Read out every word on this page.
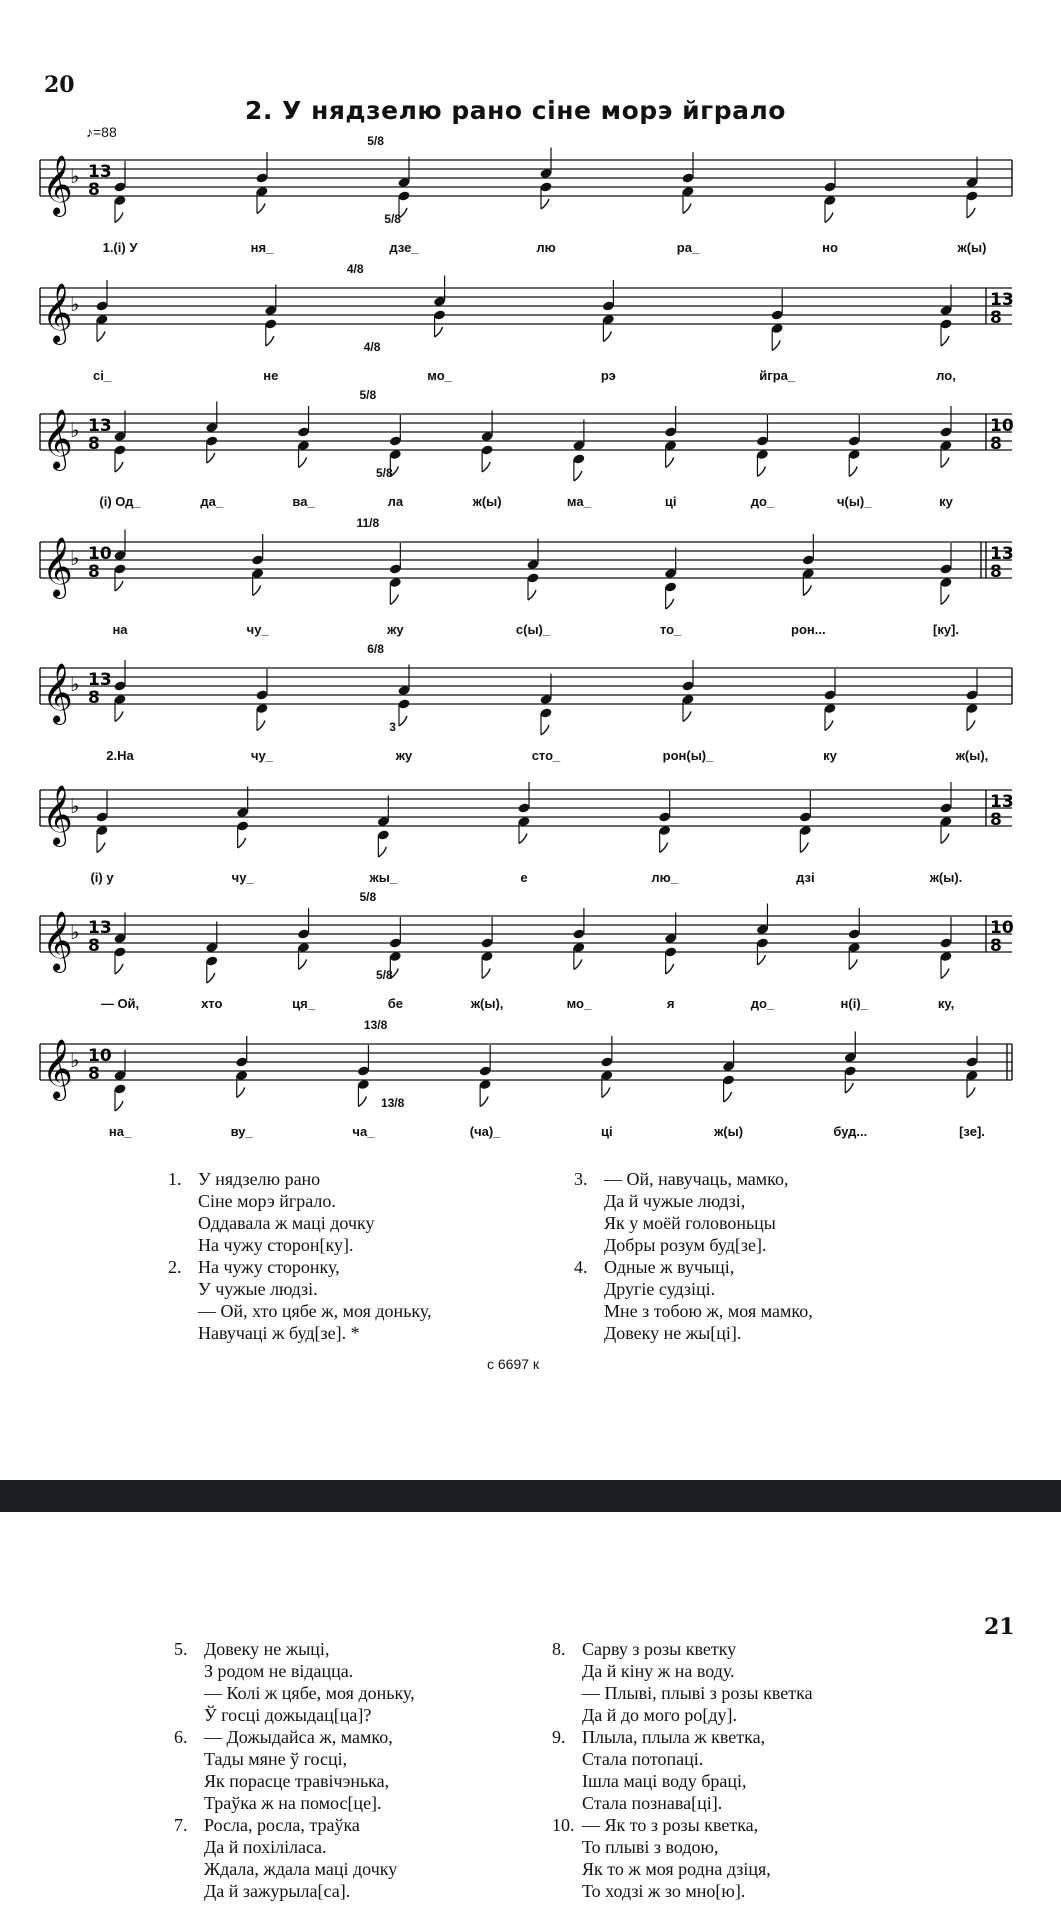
20
2. У нядзелю рано сіне морэ йграло
♪=88
5/8
5/8
𝄞
♭ 13
8
1.(і) У	ня_	дзе_	лю	ра_	но	ж(ы)
4/8
4/8
𝄞
♭	13
8
сі_	не	мо_	рэ	йгра_	ло,
5/8
5/8
𝄞
♭ 13
8
10
8
(і) Од_	да_	ва_	ла	ж(ы)	ма_	ці	до_	ч(ы)_	ку
11/8
𝄞
♭ 10
8
13
8
на	чу_	жу	с(ы)_	то_	рон...	[ку].
6/8
3
𝄞
♭ 13
8
2.На	чу_	жу	сто_	рон(ы)_	ку	ж(ы),
𝄞
♭	13
8
(і) у	чу_	жы_	е	лю_	дзі	ж(ы).
5/8
5/8
𝄞
♭ 13
8
10
8
— Ой,	хто	ця_	бе	ж(ы),	мо_	я	до_	н(і)_	ку,
13/8
13/8
𝄞
♭ 10
8
на_	ву_	ча_	(ча)_	ці	ж(ы)	буд...	[зе].
1. У нядзелю рано
Сіне морэ йграло.
Оддавала ж маці дочку
На чужу сторон[ку].
2. На чужу сторонку,
У чужые людзі.
— Ой, хто цябе ж, моя доньку,
Навучаці ж буд[зе]. *
3. — Ой, навучаць, мамко,
Да й чужые людзі,
Як у моёй головоньцы
Добры розум буд[зе].
4. Одные ж вучыці,
Другіе судзіці.
Мне з тобою ж, моя мамко,
Довеку не жы[ці].
с 6697 к
21
5. Довеку не жыці,
З родом не відацца.
— Колі ж цябе, моя доньку,
Ў госці дожыдац[ца]?
6. — Дожыдайса ж, мамко,
Тады мяне ў госці,
Як порасце травічэнька,
Траўка ж на помос[це].
7. Росла, росла, траўка
Да й похілілаcа.
Ждала, ждала маці дочку
Да й зажурыла[са].
8. Сарву з розы кветку
Да й кіну ж на воду.
— Плыві, плыві з розы кветка
Да й до мого ро[ду].
9. Плыла, плыла ж кветка,
Стала потопаці.
Ішла маці воду браці,
Стала познава[ці].
10. — Як то з розы кветка,
То плыві з водою,
Як то ж моя родна дзіця,
То ходзі ж зо мно[ю].
